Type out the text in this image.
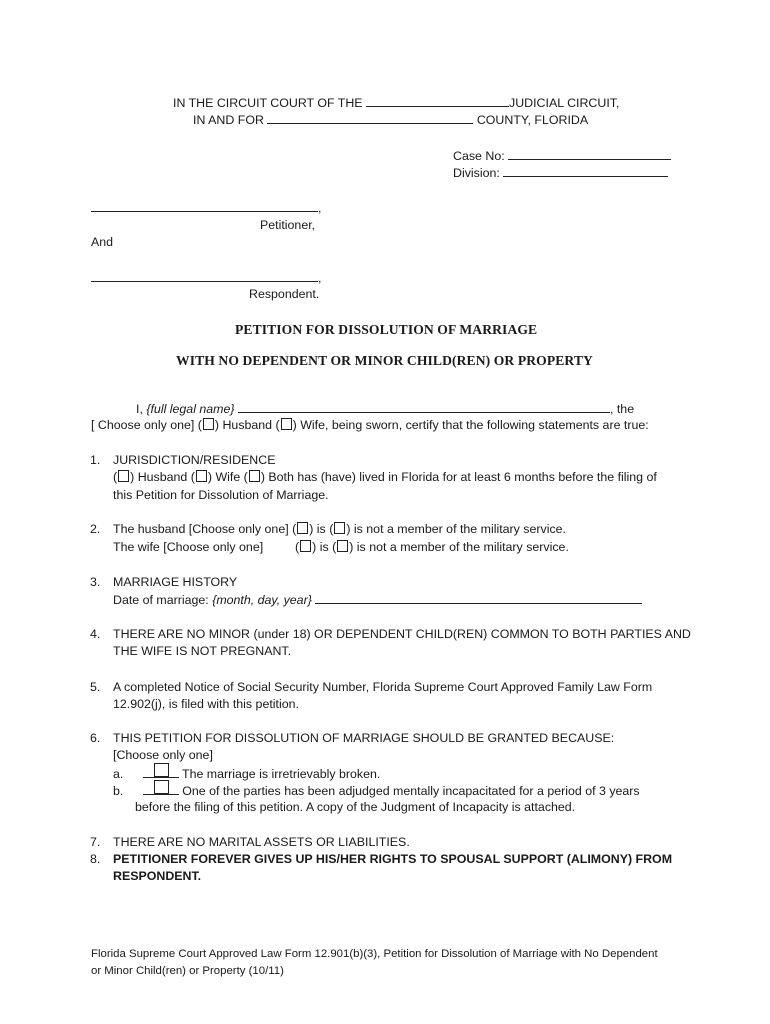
IN THE CIRCUIT COURT OF THE	JUDICIAL CIRCUIT,
IN AND FOR	COUNTY, FLORIDA
Case No:
Division:
,
Petitioner,
And
,
Respondent.
PETITION FOR DISSOLUTION OF MARRIAGE
WITH NO DEPENDENT OR MINOR CHILD(REN) OR PROPERTY
I, {full legal name}	, the
[ Choose only one] ( ) Husband ( ) Wife, being sworn, certify that the following statements are true:
1. JURISDICTION/RESIDENCE
( ) Husband ( ) Wife ( ) Both has (have) lived in Florida for at least 6 months before the filing of
this Petition for Dissolution of Marriage.
2. The husband [Choose only one] ( ) is ( ) is not a member of the military service.
The wife [Choose only one]	( ) is ( ) is not a member of the military service.
3. MARRIAGE HISTORY
Date of marriage: {month, day, year}
4. THERE ARE NO MINOR (under 18) OR DEPENDENT CHILD(REN) COMMON TO BOTH PARTIES AND
THE WIFE IS NOT PREGNANT.
5. A completed Notice of Social Security Number, Florida Supreme Court Approved Family Law Form
12.902(j), is filed with this petition.
6. THIS PETITION FOR DISSOLUTION OF MARRIAGE SHOULD BE GRANTED BECAUSE:
[Choose only one]
a.	The marriage is irretrievably broken.
b.	One of the parties has been adjudged mentally incapacitated for a period of 3 years
before the filing of this petition. A copy of the Judgment of Incapacity is attached.
7. THERE ARE NO MARITAL ASSETS OR LIABILITIES.
8. PETITIONER FOREVER GIVES UP HIS/HER RIGHTS TO SPOUSAL SUPPORT (ALIMONY) FROM
RESPONDENT.
Florida Supreme Court Approved Law Form 12.901(b)(3), Petition for Dissolution of Marriage with No Dependent
or Minor Child(ren) or Property (10/11)
